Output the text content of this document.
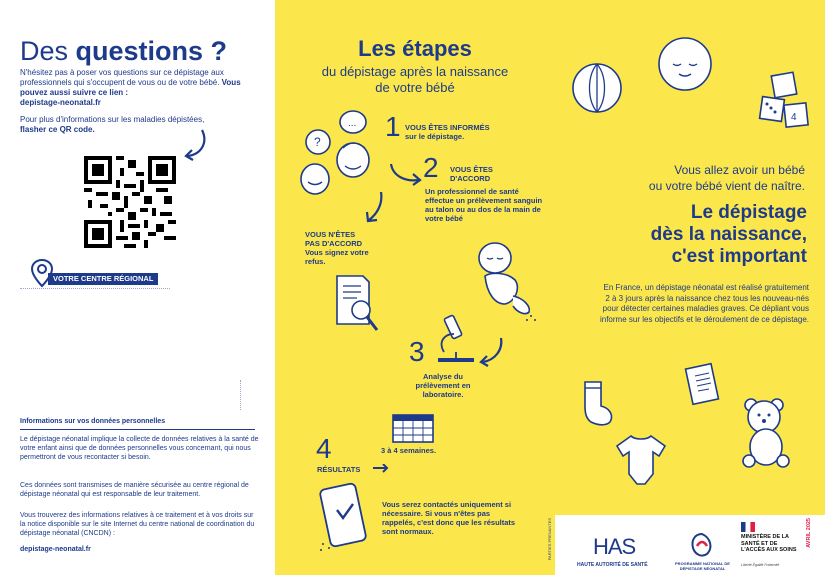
Des questions ?
N'hésitez pas à poser vos questions sur ce dépistage aux professionnels qui s'occupent de vous ou de votre bébé. Vous pouvez aussi suivre ce lien :
depistage-neonatal.fr
Pour plus d'informations sur les maladies dépistées,
flasher ce QR code.
VOTRE CENTRE RÉGIONAL
Informations sur vos données personnelles
Le dépistage néonatal implique la collecte de données relatives à la santé de votre enfant ainsi que de données personnelles vous concernant, qui nous permettront de vous recontacter si besoin.
Ces données sont transmises de manière sécurisée au centre régional de dépistage néonatal qui est responsable de leur traitement.
Vous trouverez des informations relatives à ce traitement et à vos droits sur la notice disponible sur le site Internet du centre national de coordination du dépistage néonatal (CNCDN) :
depistage-neonatal.fr
Les étapes
du dépistage après la naissance
de votre bébé
?
... 1 VOUS ÊTES INFORMÉS
sur le dépistage.
2 VOUS ÊTES
D'ACCORD
Un professionnel de santé effectue un prélèvement sanguin au talon ou au dos de la main de votre bébé
VOUS N'ÊTES
PAS D'ACCORD
Vous signez votre refus.
3
Analyse du prélèvement en laboratoire.
3 à 4 semaines.
4
RÉSULTATS
Vous serez contactés uniquement si nécessaire. Si vous n'êtes pas rappelés, c'est donc que les résultats sont normaux.
4
Vous allez avoir un bébé
ou votre bébé vient de naître.
Le dépistage
dès la naissance,
c'est important
En France, un dépistage néonatal est réalisé gratuitement 2 à 3 jours après la naissance chez tous les nouveau-nés pour détecter certaines maladies graves. Ce dépliant vous informe sur les objectifs et le déroulement de ce dépistage.
PARTIES PRENANTES HAS
HAUTE AUTORITÉ DE SANTÉ	PROGRAMME NATIONAL DE DÉPISTAGE NÉONATAL
MINISTÈRE DE LA SANTÉ ET DE L'ACCÈS AUX SOINS
Liberté Égalité Fraternité
AVRIL 2025
